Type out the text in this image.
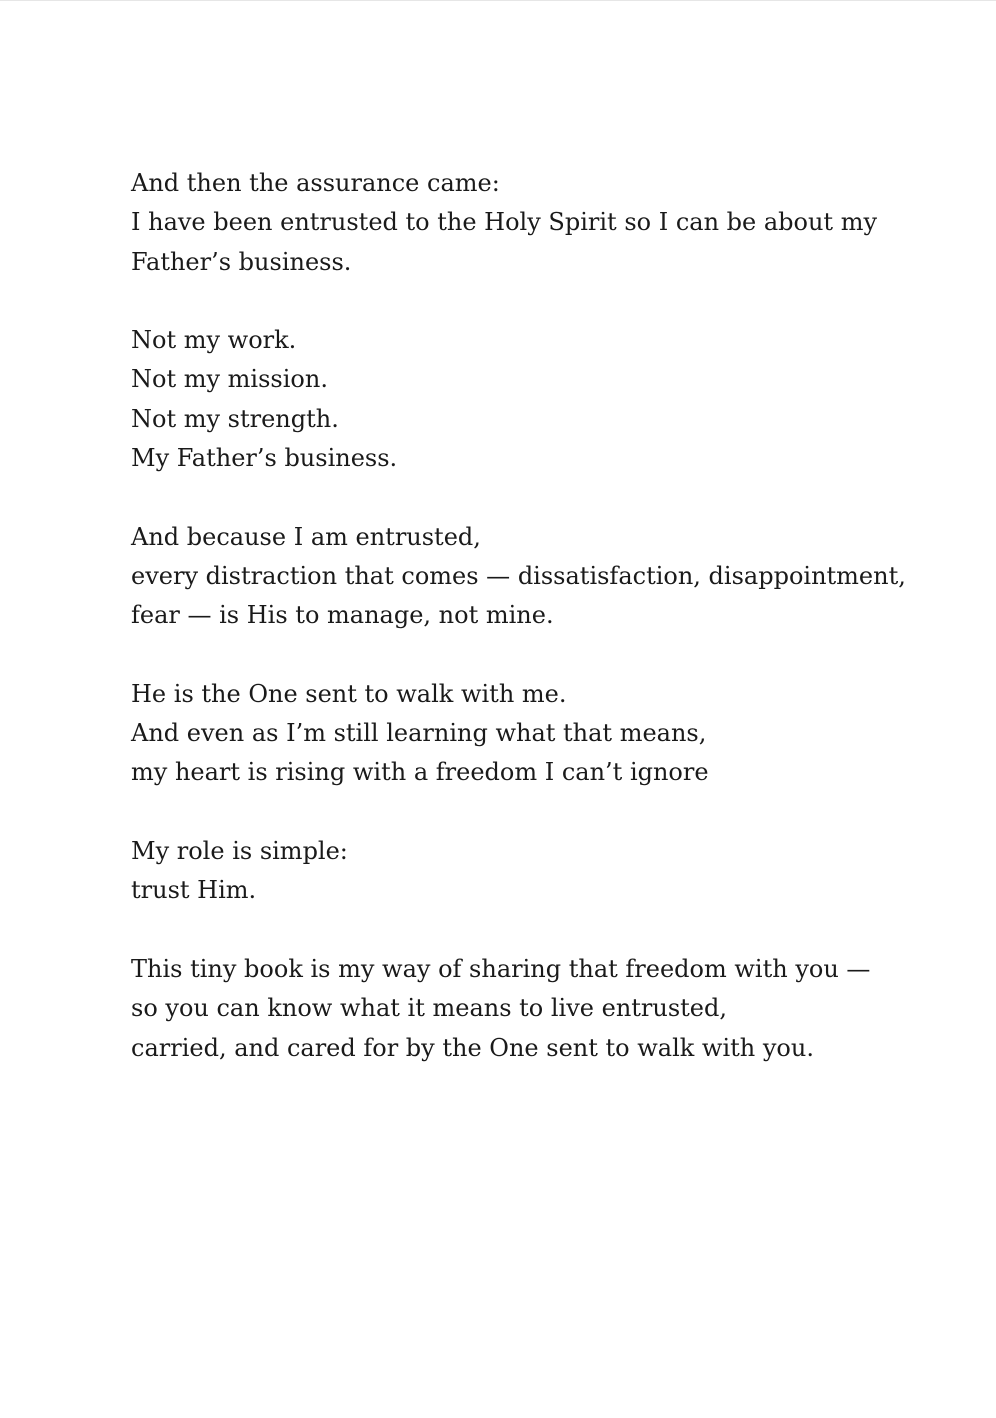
And then the assurance came:
I have been entrusted to the Holy Spirit so I can be about my
Father’s business.
Not my work.
Not my mission.
Not my strength.
My Father’s business.
And because I am entrusted,
every distraction that comes — dissatisfaction, disappointment,
fear — is His to manage, not mine.
He is the One sent to walk with me.
And even as I’m still learning what that means,
my heart is rising with a freedom I can’t ignore
My role is simple:
trust Him.
This tiny book is my way of sharing that freedom with you —
so you can know what it means to live entrusted,
carried, and cared for by the One sent to walk with you.
